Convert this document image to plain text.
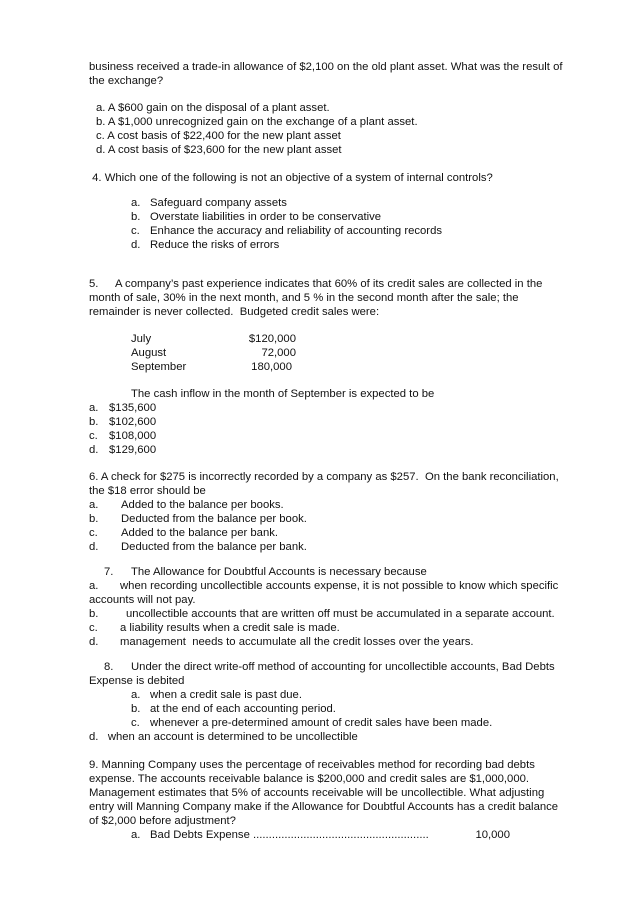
business received a trade-in allowance of $2,100 on the old plant asset. What was the result of
the exchange?
a. A $600 gain on the disposal of a plant asset.
b. A $1,000 unrecognized gain on the exchange of a plant asset.
c. A cost basis of $22,400 for the new plant asset
d. A cost basis of $23,600 for the new plant asset
4. Which one of the following is not an objective of a system of internal controls?
a. Safeguard company assets
b. Overstate liabilities in order to be conservative
c. Enhance the accuracy and reliability of accounting records
d. Reduce the risks of errors
5. A company’s past experience indicates that 60% of its credit sales are collected in the
month of sale, 30% in the next month, and 5 % in the second month after the sale; the
remainder is never collected.  Budgeted credit sales were:
July	$120,000
August	72,000
September	180,000
The cash inflow in the month of September is expected to be
a. $135,600
b. $102,600
c. $108,000
d. $129,600
6. A check for $275 is incorrectly recorded by a company as $257.  On the bank reconciliation,
the $18 error should be
a. Added to the balance per books.
b. Deducted from the balance per book.
c. Added to the balance per bank.
d. Deducted from the balance per bank.
7. The Allowance for Doubtful Accounts is necessary because
a. when recording uncollectible accounts expense, it is not possible to know which specific
accounts will not pay.
b. uncollectible accounts that are written off must be accumulated in a separate account.
c. a liability results when a credit sale is made.
d. management  needs to accumulate all the credit losses over the years.
8. Under the direct write-off method of accounting for uncollectible accounts, Bad Debts
Expense is debited
a. when a credit sale is past due.
b. at the end of each accounting period.
c. whenever a pre-determined amount of credit sales have been made.
d.   when an account is determined to be uncollectible
9. Manning Company uses the percentage of receivables method for recording bad debts
expense. The accounts receivable balance is $200,000 and credit sales are $1,000,000.
Management estimates that 5% of accounts receivable will be uncollectible. What adjusting
entry will Manning Company make if the Allowance for Doubtful Accounts has a credit balance
of $2,000 before adjustment?
a. Bad Debts Expense ........................................................	10,000
